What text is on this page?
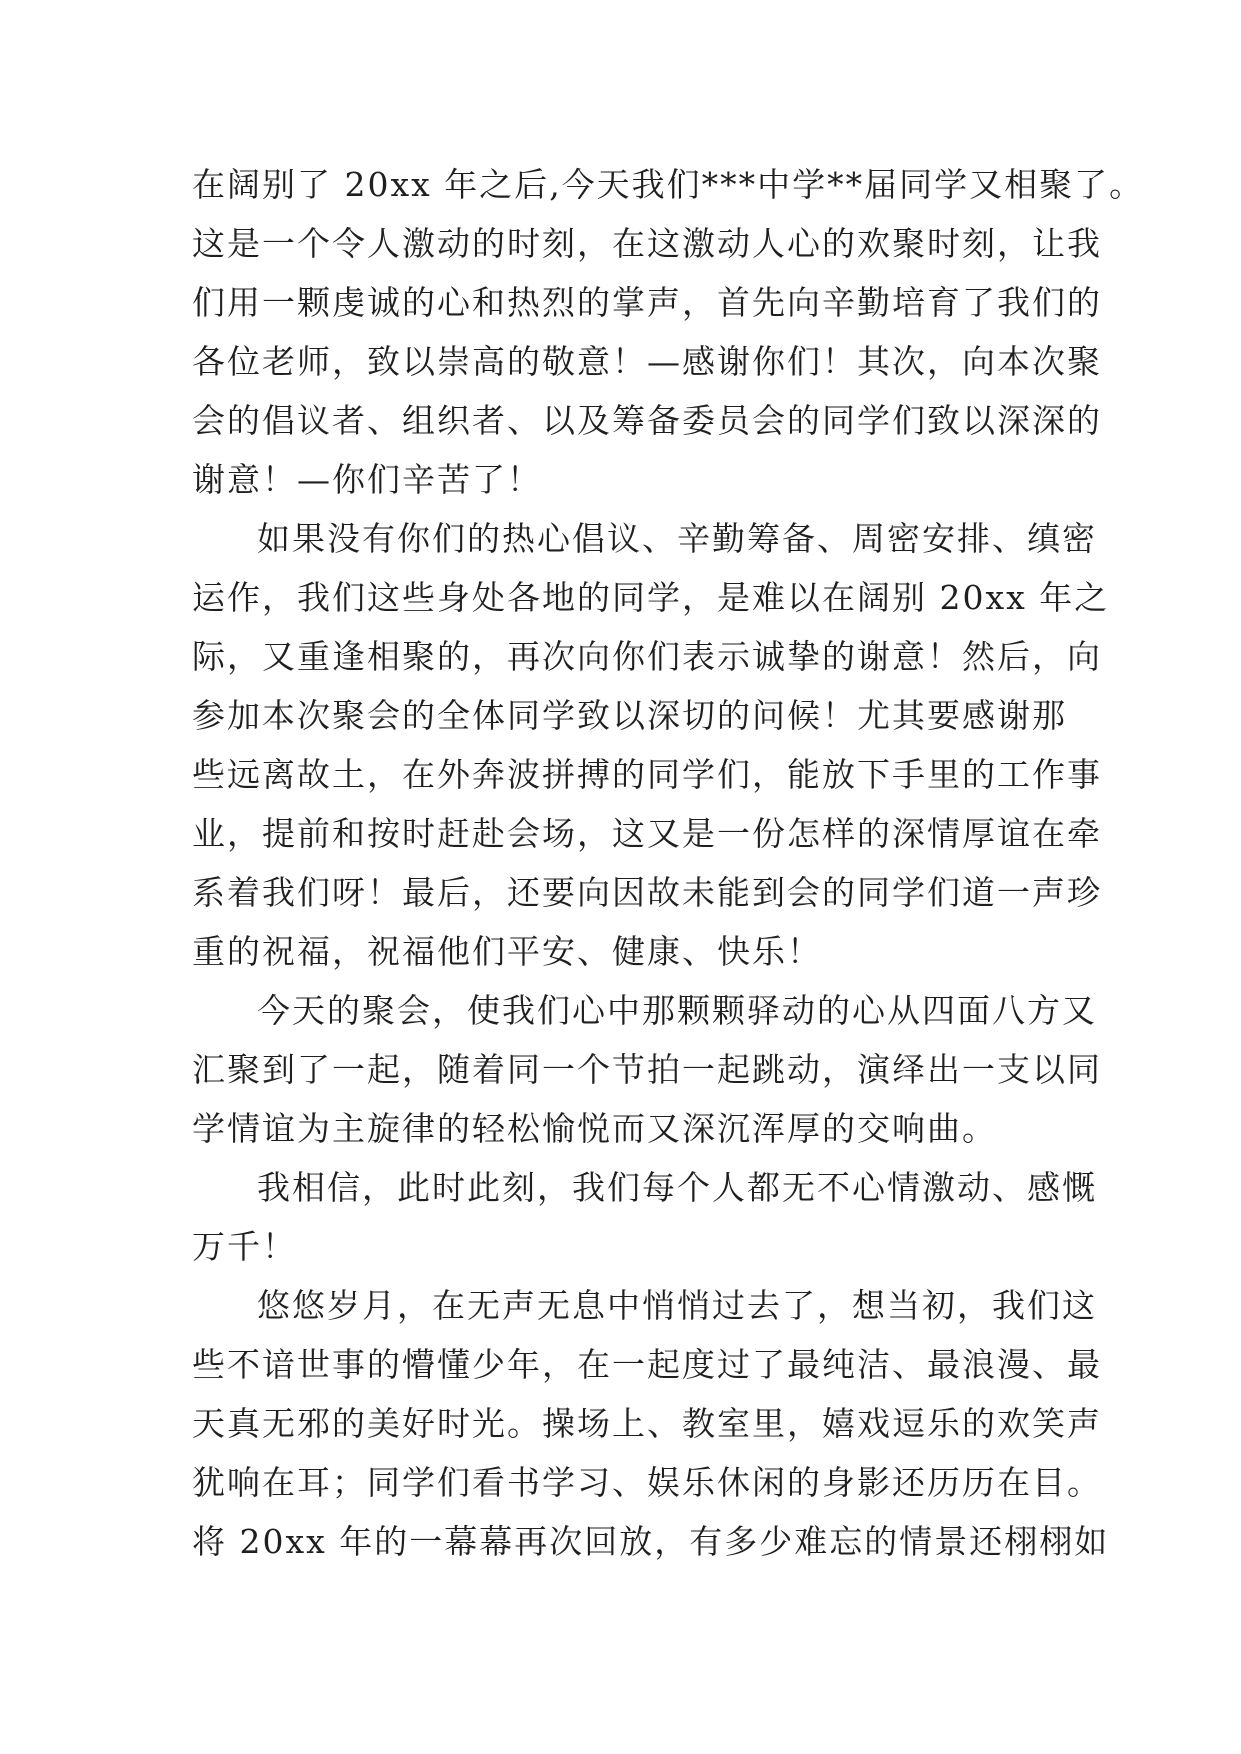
在阔别了 20xx 年之后,今天我们***中学**届同学又相聚了。
这是一个令人激动的时刻，在这激动人心的欢聚时刻，让我
们用一颗虔诚的心和热烈的掌声，首先向辛勤培育了我们的
各位老师，致以崇高的敬意！—感谢你们！其次，向本次聚
会的倡议者、组织者、以及筹备委员会的同学们致以深深的
谢意！—你们辛苦了！
如果没有你们的热心倡议、辛勤筹备、周密安排、缜密
运作，我们这些身处各地的同学，是难以在阔别 20xx 年之
际，又重逢相聚的，再次向你们表示诚挚的谢意！然后，向
参加本次聚会的全体同学致以深切的问候！尤其要感谢那
些远离故土，在外奔波拼搏的同学们，能放下手里的工作事
业，提前和按时赶赴会场，这又是一份怎样的深情厚谊在牵
系着我们呀！最后，还要向因故未能到会的同学们道一声珍
重的祝福，祝福他们平安、健康、快乐！
今天的聚会，使我们心中那颗颗驿动的心从四面八方又
汇聚到了一起，随着同一个节拍一起跳动，演绎出一支以同
学情谊为主旋律的轻松愉悦而又深沉浑厚的交响曲。
我相信，此时此刻，我们每个人都无不心情激动、感慨
万千！
悠悠岁月，在无声无息中悄悄过去了，想当初，我们这
些不谙世事的懵懂少年，在一起度过了最纯洁、最浪漫、最
天真无邪的美好时光。操场上、教室里，嬉戏逗乐的欢笑声
犹响在耳；同学们看书学习、娱乐休闲的身影还历历在目。
将 20xx 年的一幕幕再次回放，有多少难忘的情景还栩栩如
